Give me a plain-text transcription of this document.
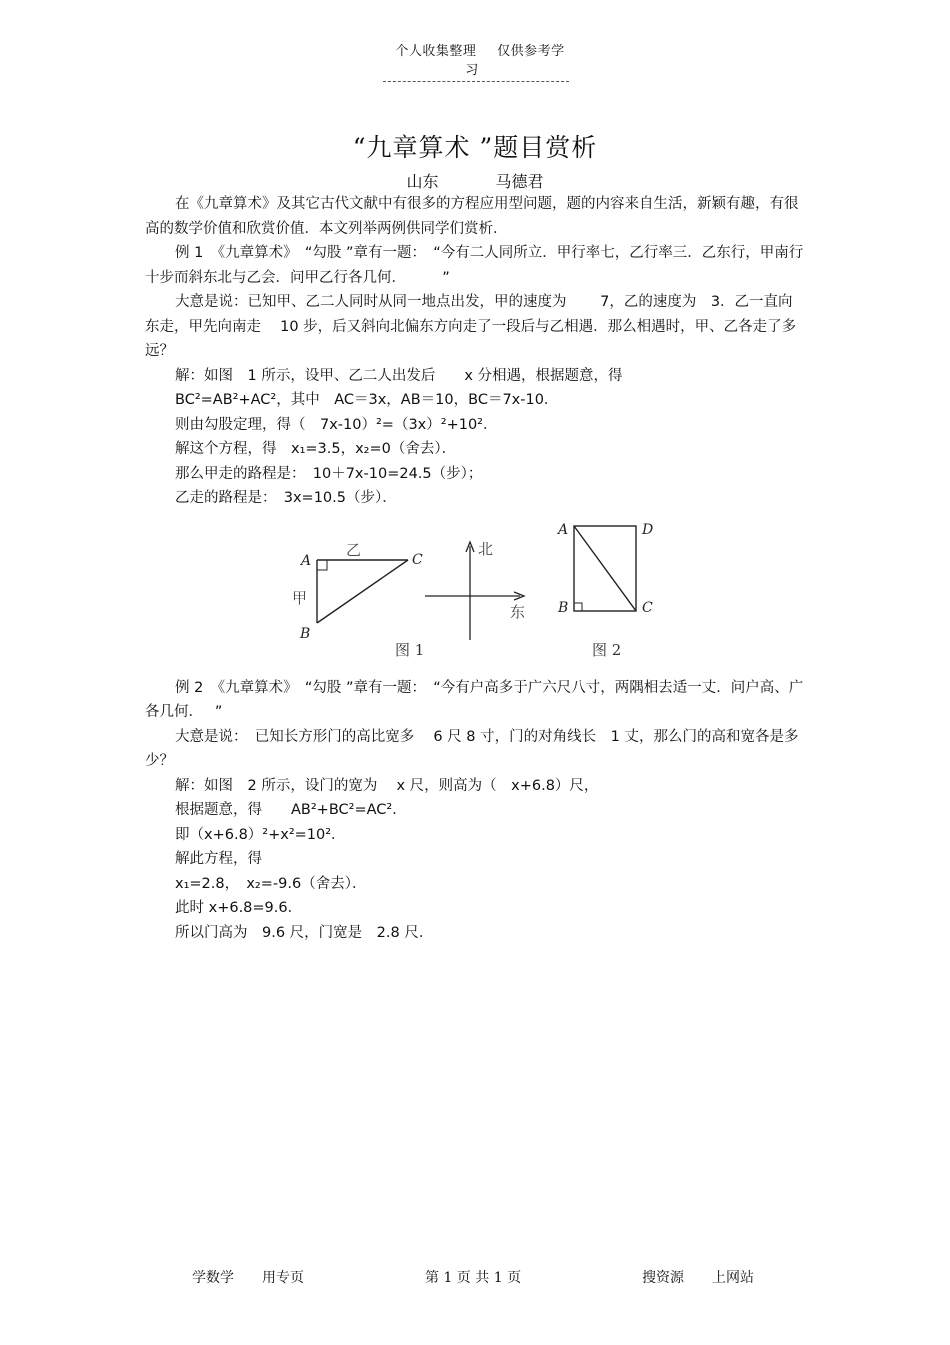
个人收集整理 仅供参考学习
“九章算术 ”题目赏析
山东	马德君

在《九章算术》及其它古代文献中有很多的方程应用型问题，题的内容来自生活，新颖有趣，有很高的数学价值和欣赏价值．本文列举两例供同学们赏析．

例 1　《九章算术》　“勾股 ”章有一题：　“今有二人同所立．甲行率七，乙行率三．乙东行，甲南行十步而斜东北与乙会．问甲乙行各几何．　　　”

大意是说：已知甲、乙二人同时从同一地点出发，甲的速度为　　 7，乙的速度为　3．乙一直向东走，甲先向南走　 10 步，后又斜向北偏东方向走了一段后与乙相遇．那么相遇时，甲、乙各走了多远？

解：如图　1 所示，设甲、乙二人出发后　　x 分相遇，根据题意，得

BC²=AB²+AC²，其中　AC＝3x，AB＝10，BC＝7x-10．

则由勾股定理，得（　7x-10）²=（3x）²+10²．

解这个方程，得　x₁=3.5，x₂=0（舍去）．

那么甲走的路程是：　10＋7x-10=24.5（步）；

乙走的路程是：　3x=10.5（步）．

例 2　《九章算术》　“勾股 ”章有一题：　“今有户高多于广六尺八寸，两隅相去适一丈．问户高、广各几何．　 ”

大意是说：　已知长方形门的高比宽多　 6 尺 8 寸，门的对角线长　1 丈，那么门的高和宽各是多少？

解：如图　2 所示，设门的宽为　 x 尺，则高为（　x+6.8）尺，

根据题意，得　　AB²+BC²=AC²．

即（x+6.8）²+x²=10²．

解此方程，得

x₁=2.8，　x₂=-9.6（舍去）．

此时 x+6.8=9.6．

所以门高为　9.6 尺，门宽是　2.8 尺．

A
B
C
甲
乙
图 1
北
东
A	D
B	C
图 2
学数学　　用专页	第 1 页 共 1 页	搜资源　　上网站
